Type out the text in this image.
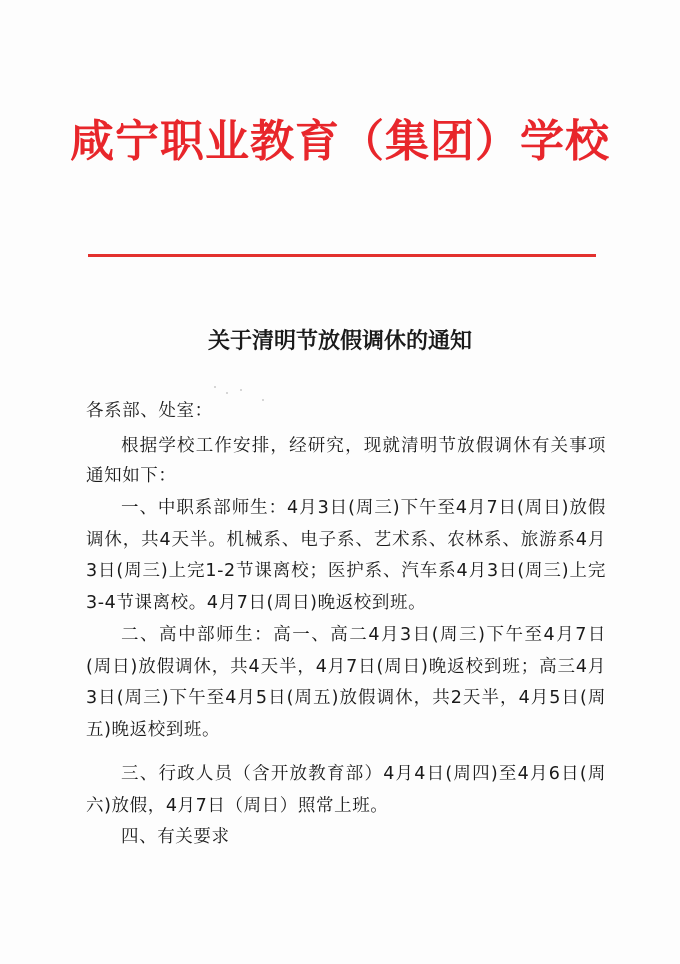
咸宁职业教育（集团）学校
关于清明节放假调休的通知
各系部、处室：
根据学校工作安排，经研究，现就清明节放假调休有关事项通知如下：
一、中职系部师生：4月3日(周三)下午至4月7日(周日)放假调休，共4天半。机械系、电子系、艺术系、农林系、旅游系4月3日(周三)上完1-2节课离校；医护系、汽车系4月3日(周三)上完3-4节课离校。4月7日(周日)晚返校到班。
二、高中部师生：高一、高二4月3日(周三)下午至4月7日(周日)放假调休，共4天半，4月7日(周日)晚返校到班；高三4月3日(周三)下午至4月5日(周五)放假调休，共2天半，4月5日(周五)晚返校到班。
三、行政人员（含开放教育部）4月4日(周四)至4月6日(周六)放假，4月7日（周日）照常上班。
四、有关要求
